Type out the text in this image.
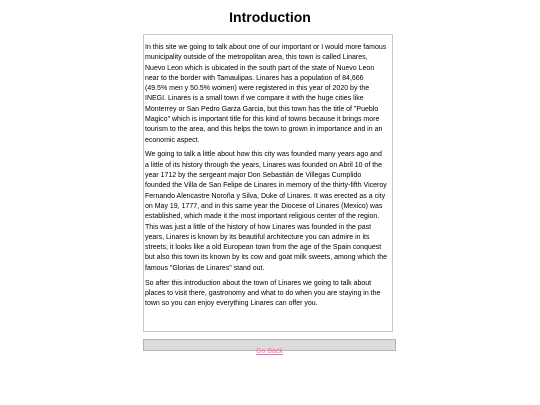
Introduction

In this site we going to talk about one of our important or I would more famous municipality outside of the metropolitan area, this town is called Linares, Nuevo Leon which is ubicated in the south part of the state of Nuevo Leon near to the border with Tamaulipas. Linares has a population of 84,666 (49.5% men y 50.5% women) were registered in this year of 2020 by the INEGI. Linares is a small town if we compare it with the huge cities like Monterrey or San Pedro Garza Garcia, but this town has the title of "Pueblo Magico" which is important title for this kind of towns because it brings more tourism to the area, and this helps the town to grown in importance and in an economic aspect.

We going to talk a little about how this city was founded many years ago and a little of its history through the years, Linares was founded on Abril 10 of the year 1712 by the sergeant major Don Sebastián de Villegas Cumplido founded the Villa de San Felipe de Linares in memory of the thirty-fifth Viceroy Fernando Alencastre Noroña y Silva, Duke of Linares. It was erected as a city on May 19, 1777, and in this same year the Diocese of Linares (Mexico) was established, which made it the most important religious center of the region. This was just a little of the history of how Linares was founded in the past years, Linares is known by its beautiful architecture you can admire in its streets, it looks like a old European town from the age of the Spain conquest but also this town its known by its cow and goat milk sweets, among which the famous "Glorias de Linares" stand out.

So after this introduction about the town of Linares we going to talk about places to visit there, gastronomy and what to do when you are staying in the town so you can enjoy everything Linares can offer you.

Go Back
